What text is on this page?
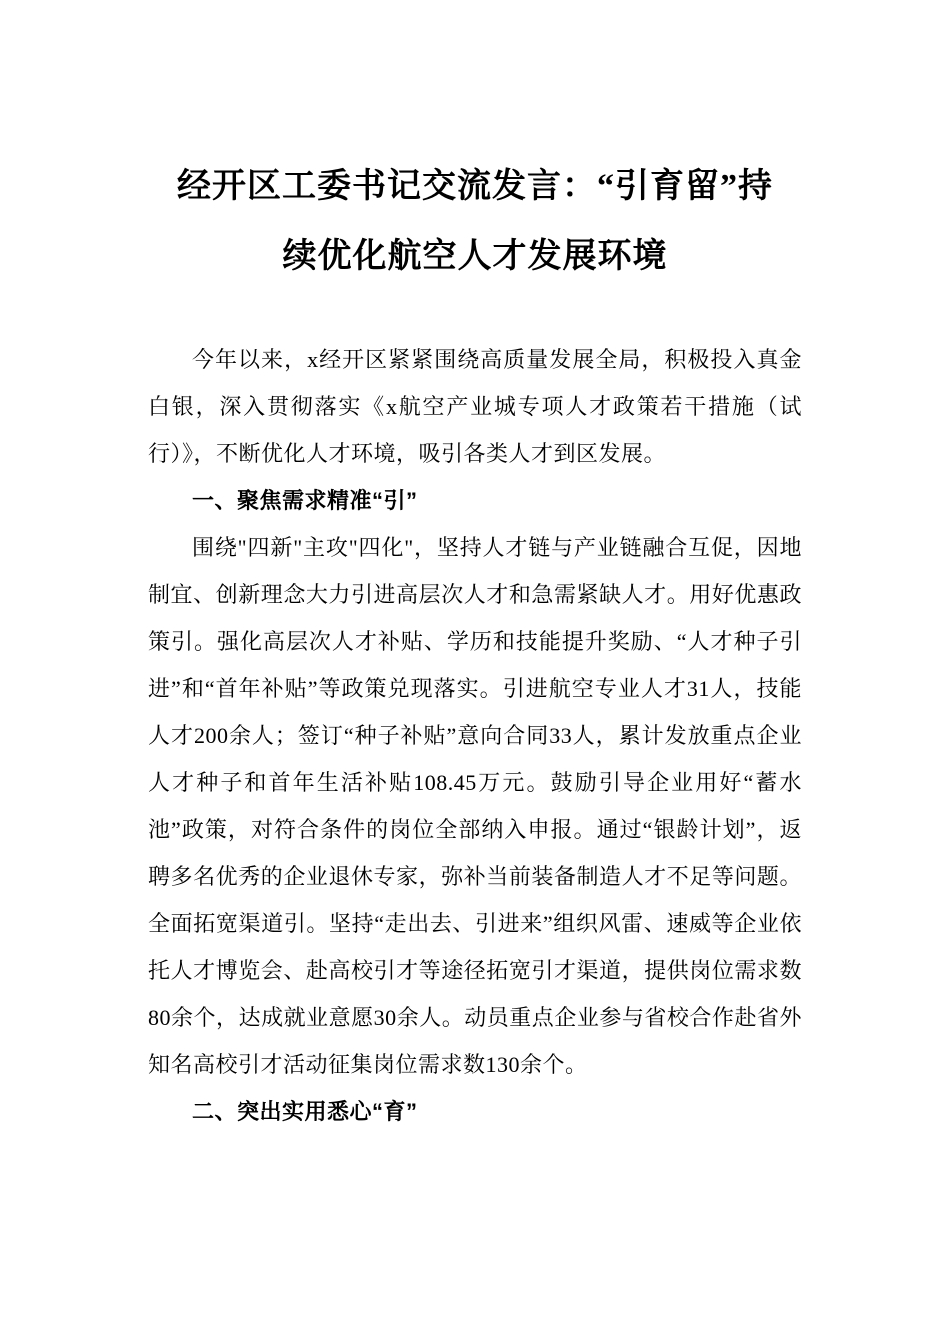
经开区工委书记交流发言：“引育留”持
续优化航空人才发展环境

今年以来，x经开区紧紧围绕高质量发展全局，积极投入真金白银，深入贯彻落实《x航空产业城专项人才政策若干措施（试行）》，不断优化人才环境，吸引各类人才到区发展。

一、聚焦需求精准“引”

围绕"四新"主攻"四化"，坚持人才链与产业链融合互促，因地制宜、创新理念大力引进高层次人才和急需紧缺人才。用好优惠政策引。强化高层次人才补贴、学历和技能提升奖励、“人才种子引进”和“首年补贴”等政策兑现落实。引进航空专业人才31人，技能人才200余人；签订“种子补贴”意向合同33人，累计发放重点企业人才种子和首年生活补贴108.45万元。鼓励引导企业用好“蓄水池”政策，对符合条件的岗位全部纳入申报。通过“银龄计划”，返聘多名优秀的企业退休专家，弥补当前装备制造人才不足等问题。全面拓宽渠道引。坚持“走出去、引进来”组织风雷、速威等企业依托人才博览会、赴高校引才等途径拓宽引才渠道，提供岗位需求数80余个，达成就业意愿30余人。动员重点企业参与省校合作赴省外知名高校引才活动征集岗位需求数130余个。

二、突出实用悉心“育”
